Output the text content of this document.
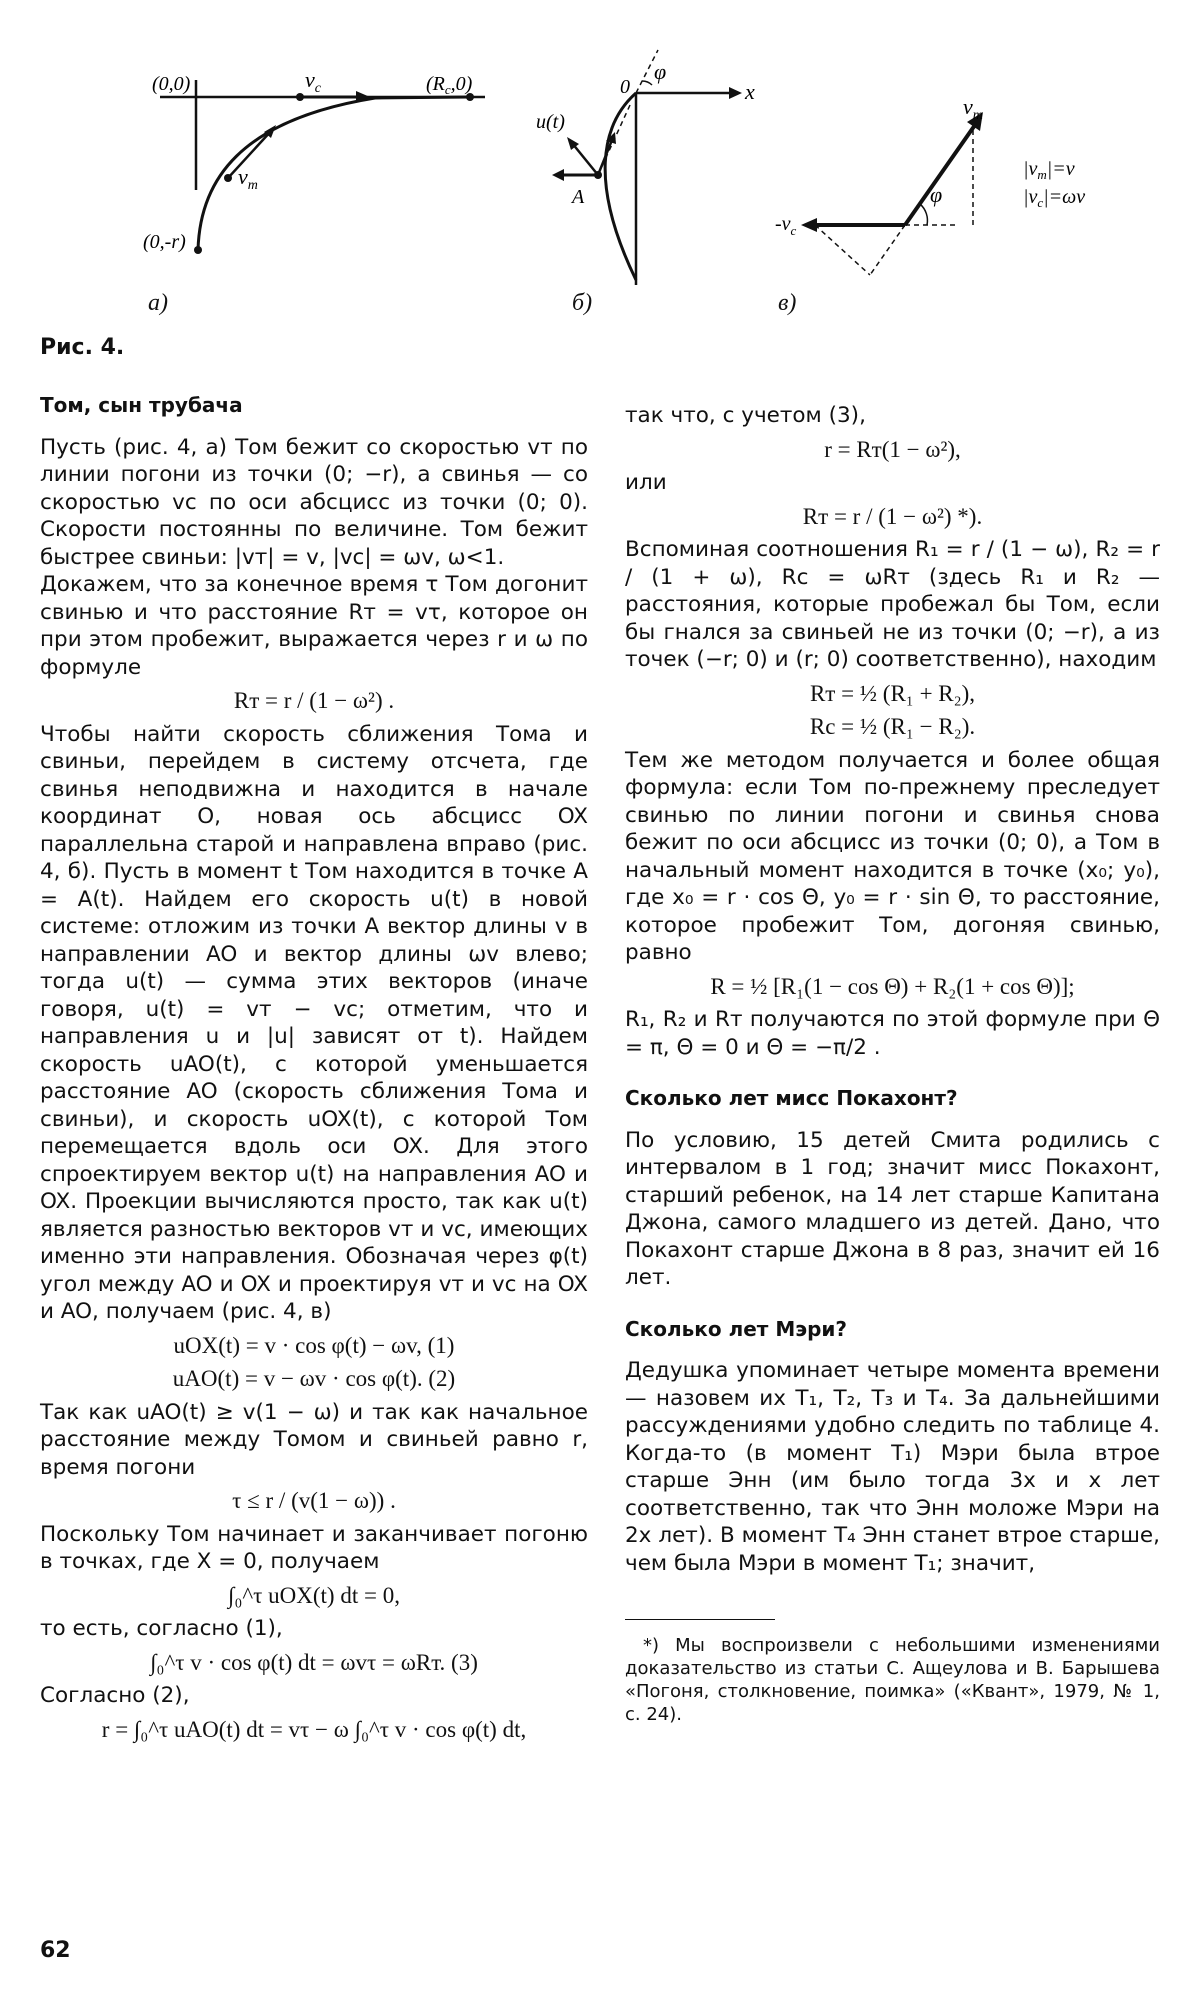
(0,0)	$v_c$	$(R_c,0)$
$v_т$
(0,-r)
0
φ
x
u(t)
A
$v_т$
$-v_c$
φ
$|v_т|=v$
$|v_c|=\omega v$
а)	б)	в)
Рис. 4.
Том, сын трубача

Пусть (рис. 4, а) Том бежит со скоростью vт по линии погони из точки (0; −r), а свинья — со скоростью vс по оси абсцисс из точки (0; 0). Скорости постоянны по величине. Том бежит быстрее свиньи: |vт| = v, |vс| = ωv, ω<1.

Докажем, что за конечное время τ Том догонит свинью и что расстояние Rт = vτ, которое он при этом пробежит, выражается через r и ω по формуле

Rт = r / (1 − ω²) .

Чтобы найти скорость сближения Тома и свиньи, перейдем в систему отсчета, где свинья неподвижна и находится в начале координат O, новая ось абсцисс OX параллельна старой и направлена вправо (рис. 4, б). Пусть в момент t Том находится в точке A = A(t). Найдем его скорость u(t) в новой системе: отложим из точки A вектор длины v в направлении AO и вектор длины ωv влево; тогда u(t) — сумма этих векторов (иначе говоря, u(t) = vт − vс; отметим, что и направления u и |u| зависят от t). Найдем скорость uAO(t), с которой уменьшается расстояние AO (скорость сближения Тома и свиньи), и скорость uOX(t), с которой Том перемещается вдоль оси OX. Для этого спроектируем вектор u(t) на направления AO и OX. Проекции вычисляются просто, так как u(t) является разностью векторов vт и vс, имеющих именно эти направления. Обозначая через φ(t) угол между AO и OX и проектируя vт и vс на OX и AO, получаем (рис. 4, в)

uOX(t) = v · cos φ(t) − ωv, (1)
uAO(t) = v − ωv · cos φ(t). (2)

Так как uAO(t) ≥ v(1 − ω) и так как начальное расстояние между Томом и свиньей равно r, время погони

τ ≤ r / (v(1 − ω)) .

Поскольку Том начинает и заканчивает погоню в точках, где X = 0, получаем

∫₀^τ uOX(t) dt = 0,

то есть, согласно (1),

∫₀^τ v · cos φ(t) dt = ωvτ = ωRт. (3)

Согласно (2),

r = ∫₀^τ uAO(t) dt = vτ − ω ∫₀^τ v · cos φ(t) dt,

так что, с учетом (3),

r = Rт(1 − ω²),

или

Rт = r / (1 − ω²) *).

Вспоминая соотношения R₁ = r / (1 − ω), R₂ = r / (1 + ω), Rс = ωRт (здесь R₁ и R₂ — расстояния, которые пробежал бы Том, если бы гнался за свиньей не из точки (0; −r), а из точек (−r; 0) и (r; 0) соответственно), находим

Rт = ½ (R₁ + R₂),
Rс = ½ (R₁ − R₂).

Тем же методом получается и более общая формула: если Том по-прежнему преследует свинью по линии погони и свинья снова бежит по оси абсцисс из точки (0; 0), а Том в начальный момент находится в точке (x₀; y₀), где x₀ = r · cos Θ, y₀ = r · sin Θ, то расстояние, которое пробежит Том, догоняя свинью, равно

R = ½ [R₁(1 − cos Θ) + R₂(1 + cos Θ)];

R₁, R₂ и Rт получаются по этой формуле при Θ = π, Θ = 0 и Θ = −π/2 .

Сколько лет мисс Покахонт?

По условию, 15 детей Смита родились с интервалом в 1 год; значит мисс Покахонт, старший ребенок, на 14 лет старше Капитана Джона, самого младшего из детей. Дано, что Покахонт старше Джона в 8 раз, значит ей 16 лет.

Сколько лет Мэри?

Дедушка упоминает четыре момента времени — назовем их T₁, T₂, T₃ и T₄. За дальнейшими рассуждениями удобно следить по таблице 4. Когда-то (в момент T₁) Мэри была втрое старше Энн (им было тогда 3x и x лет соответственно, так что Энн моложе Мэри на 2x лет). В момент T₄ Энн станет втрое старше, чем была Мэри в момент T₁; значит,

*) Мы воспроизвели с небольшими изменениями доказательство из статьи С. Ащеулова и В. Барышева «Погоня, столкновение, поимка» («Квант», 1979, № 1, с. 24).
62
